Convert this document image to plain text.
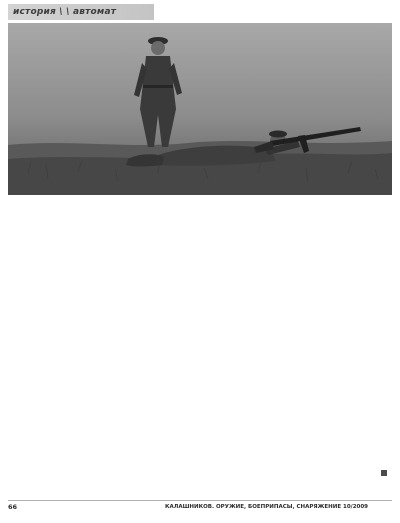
история \ \ автомат

66	КАЛАШНИКОВ. ОРУЖИЕ, БОЕПРИПАСЫ, СНАРЯЖЕНИЕ 10/2009
